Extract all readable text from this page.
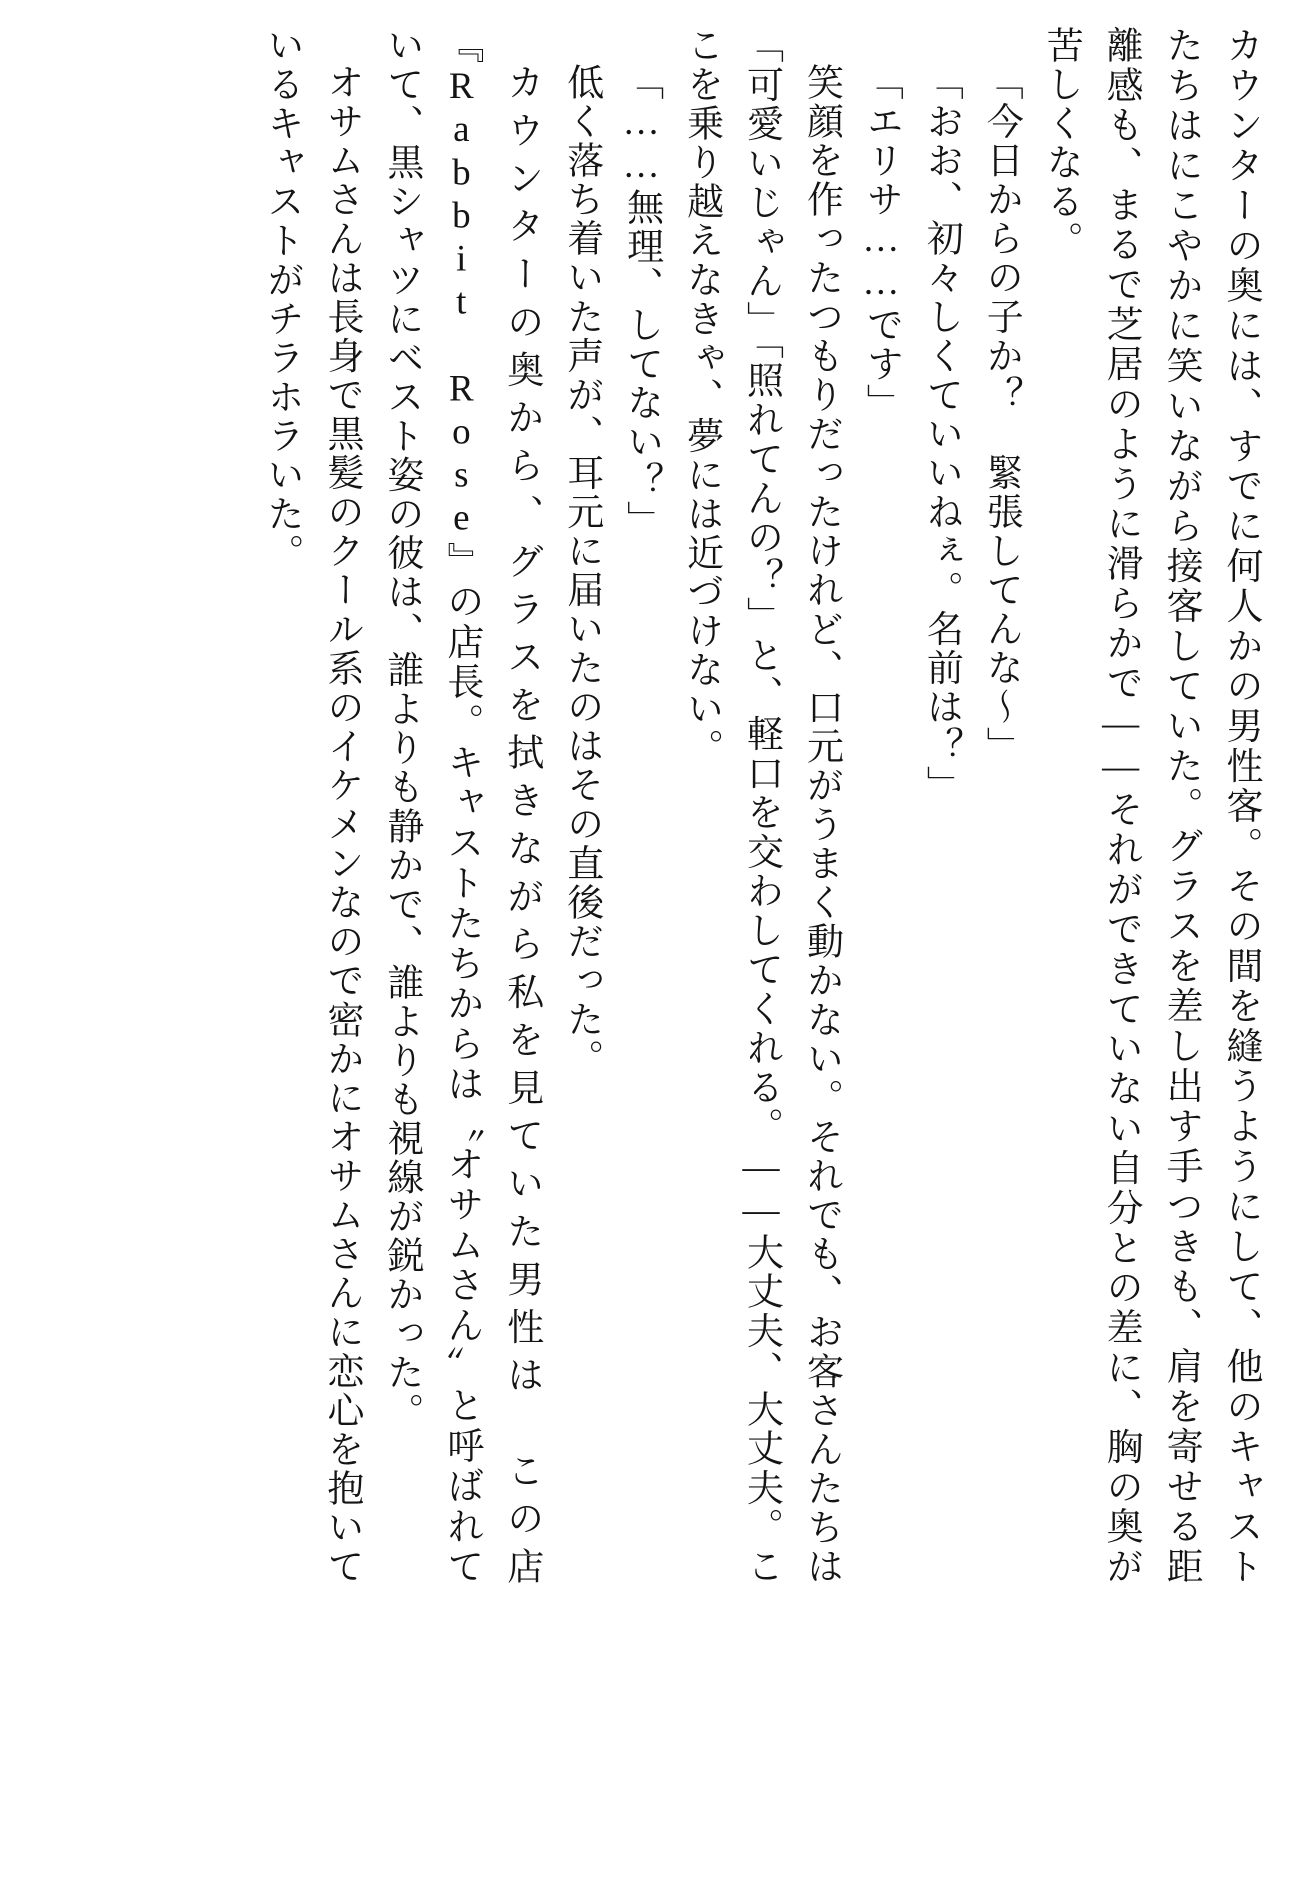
カウンターの奥には、すでに何人かの男性客。その間を縫うようにして、他のキャストたちはにこやかに笑いながら接客していた。グラスを差し出す手つきも、肩を寄せる距離感も、まるで芝居のように滑らかで——それができていない自分との差に、胸の奥が苦しくなる。

「今日からの子か？　緊張してんな〜」

「おお、初々しくていいねぇ。名前は？」

「エリサ……です」

笑顔を作ったつもりだったけれど、口元がうまく動かない。それでも、お客さんたちは「可愛いじゃん」「照れてんの？」と、軽口を交わしてくれる。——大丈夫、大丈夫。ここを乗り越えなきゃ、夢には近づけない。

「……無理、してない？」

低く落ち着いた声が、耳元に届いたのはその直後だった。

カウンターの奥から、グラスを拭きながら私を見ていた男性は　この店『Rabbit Rose』の店長。キャストたちからは〝オサムさん〟と呼ばれていて、黒シャツにベスト姿の彼は、誰よりも静かで、誰よりも視線が鋭かった。

オサムさんは長身で黒髪のクール系のイケメンなので密かにオサムさんに恋心を抱いているキャストがチラホラいた。
